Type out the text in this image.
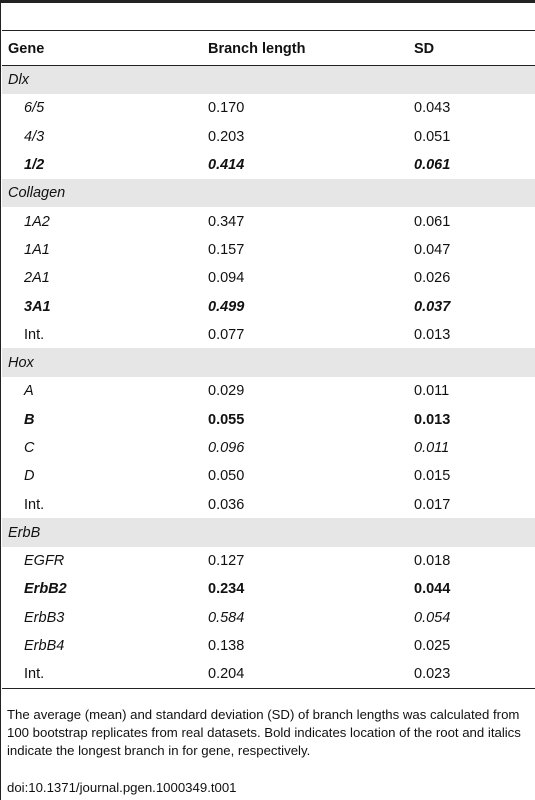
Gene	Branch length	SD
Dlx		
6/5	0.170	0.043
4/3	0.203	0.051
1/2	0.414	0.061
Collagen		
1A2	0.347	0.061
1A1	0.157	0.047
2A1	0.094	0.026
3A1	0.499	0.037
Int.	0.077	0.013
Hox		
A	0.029	0.011
B	0.055	0.013
C	0.096	0.011
D	0.050	0.015
Int.	0.036	0.017
ErbB		
EGFR	0.127	0.018
ErbB2	0.234	0.044
ErbB3	0.584	0.054
ErbB4	0.138	0.025
Int.	0.204	0.023
The average (mean) and standard deviation (SD) of branch lengths was calculated from 100 bootstrap replicates from real datasets. Bold indicates location of the root and italics indicate the longest branch in for gene, respectively.
doi:10.1371/journal.pgen.1000349.t001
